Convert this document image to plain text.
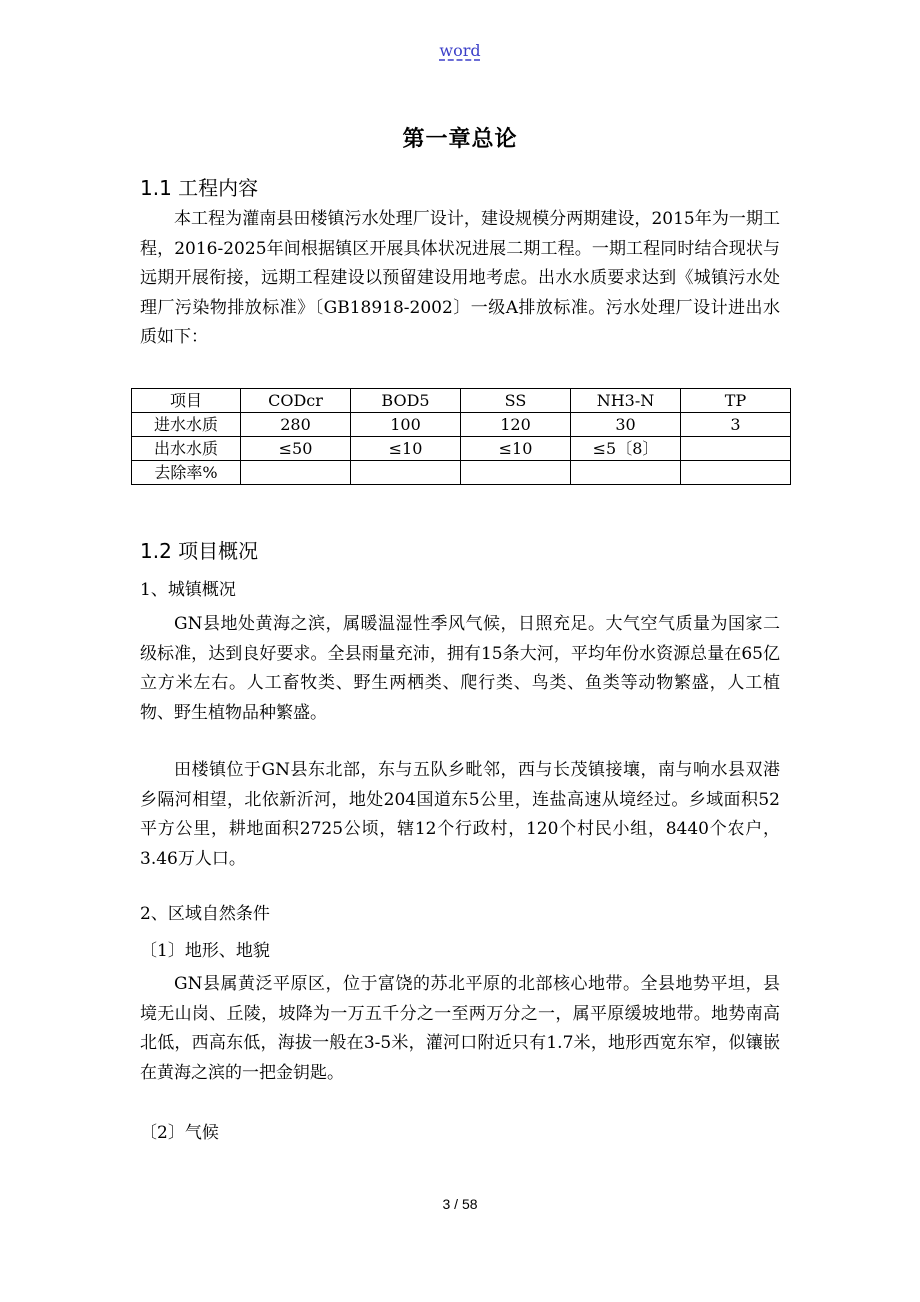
word
第一章总论
1.1 工程内容

本工程为灌南县田楼镇污水处理厂设计，建设规模分两期建设，2015年为一期工程，2016-2025年间根据镇区开展具体状况进展二期工程。一期工程同时结合现状与远期开展衔接，远期工程建设以预留建设用地考虑。出水水质要求达到《城镇污水处理厂污染物排放标准》〔GB18918-2002〕一级A排放标准。污水处理厂设计进出水质如下：

项目	CODcr	BOD5	SS	NH3-N	TP
进水水质	280	100	120	30	3
出水水质	≤50	≤10	≤10	≤5〔8〕	
去除率%					
1.2 项目概况
1、城镇概况

GN县地处黄海之滨，属暖温湿性季风气候，日照充足。大气空气质量为国家二级标准，达到良好要求。全县雨量充沛，拥有15条大河，平均年份水资源总量在65亿立方米左右。人工畜牧类、野生两栖类、爬行类、鸟类、鱼类等动物繁盛，人工植物、野生植物品种繁盛。

田楼镇位于GN县东北部，东与五队乡毗邻，西与长茂镇接壤，南与响水县双港乡隔河相望，北依新沂河，地处204国道东5公里，连盐高速从境经过。乡域面积52平方公里，耕地面积2725公顷，辖12个行政村，120个村民小组，8440个农户，3.46万人口。

2、区域自然条件
〔1〕地形、地貌

GN县属黄泛平原区，位于富饶的苏北平原的北部核心地带。全县地势平坦，县境无山岗、丘陵，坡降为一万五千分之一至两万分之一，属平原缓坡地带。地势南高北低，西高东低，海拔一般在3-5米，灌河口附近只有1.7米，地形西宽东窄，似镶嵌在黄海之滨的一把金钥匙。

〔2〕气候
3 / 58
